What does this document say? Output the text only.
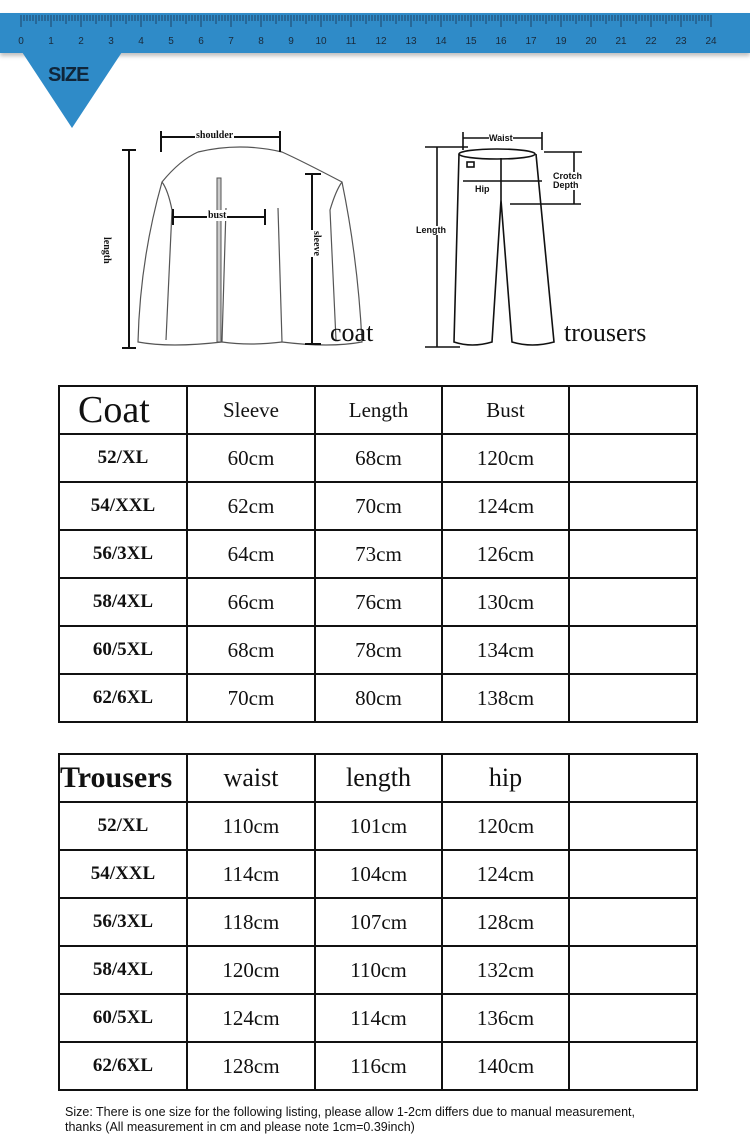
0 1 2 3 4 5 6 7 8 9 10 11 12 13 14 15 16 17 19 20 21 22 23 24
SIZE
shoulder
bust
length	sleeve
coat
Waist
Hip
Length
Crotch
Depth
trousers
Coat	Sleeve	Length	Bust	
52/XL	60cm	68cm	120cm	
54/XXL	62cm	70cm	124cm	
56/3XL	64cm	73cm	126cm	
58/4XL	66cm	76cm	130cm	
60/5XL	68cm	78cm	134cm	
62/6XL	70cm	80cm	138cm	
Trousers	waist	length	hip	
52/XL	110cm	101cm	120cm	
54/XXL	114cm	104cm	124cm	
56/3XL	118cm	107cm	128cm	
58/4XL	120cm	110cm	132cm	
60/5XL	124cm	114cm	136cm	
62/6XL	128cm	116cm	140cm	
Size: There is one size for the following listing, please allow 1-2cm differs due to manual measurement,
thanks (All measurement in cm and please note 1cm=0.39inch)
